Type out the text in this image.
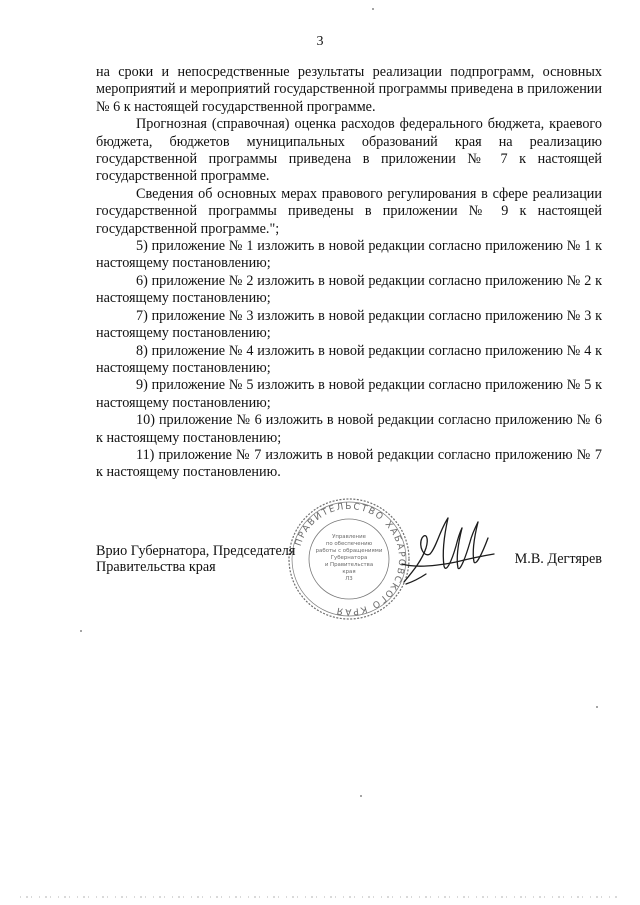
3

на сроки и непосредственные результаты реализации подпрограмм, основных мероприятий и мероприятий государственной программы приведена в приложении № 6 к настоящей государственной программе.

Прогнозная (справочная) оценка расходов федерального бюджета, краевого бюджета, бюджетов муниципальных образований края на реализацию государственной программы приведена в приложении № 7 к настоящей государственной программе.

Сведения об основных мерах правового регулирования в сфере реализации государственной программы приведены в приложении № 9 к настоящей государственной программе.";

5) приложение № 1 изложить в новой редакции согласно приложению № 1 к настоящему постановлению;

6) приложение № 2 изложить в новой редакции согласно приложению № 2 к настоящему постановлению;

7) приложение № 3 изложить в новой редакции согласно приложению № 3 к настоящему постановлению;

8) приложение № 4 изложить в новой редакции согласно приложению № 4 к настоящему постановлению;

9) приложение № 5 изложить в новой редакции согласно приложению № 5 к настоящему постановлению;

10) приложение № 6 изложить в новой редакции согласно приложению № 6 к настоящему постановлению;

11) приложение № 7 изложить в новой редакции согласно приложению № 7 к настоящему постановлению.

ПРАВИТЕЛЬСТВО ХАБАРОВСКОГО КРАЯ
Управление
по обеспечению
работы с обращениями
Губернатора
и Правительства
края
Л3
Врио Губернатора, Председателя
Правительства края	М.В. Дегтярев
